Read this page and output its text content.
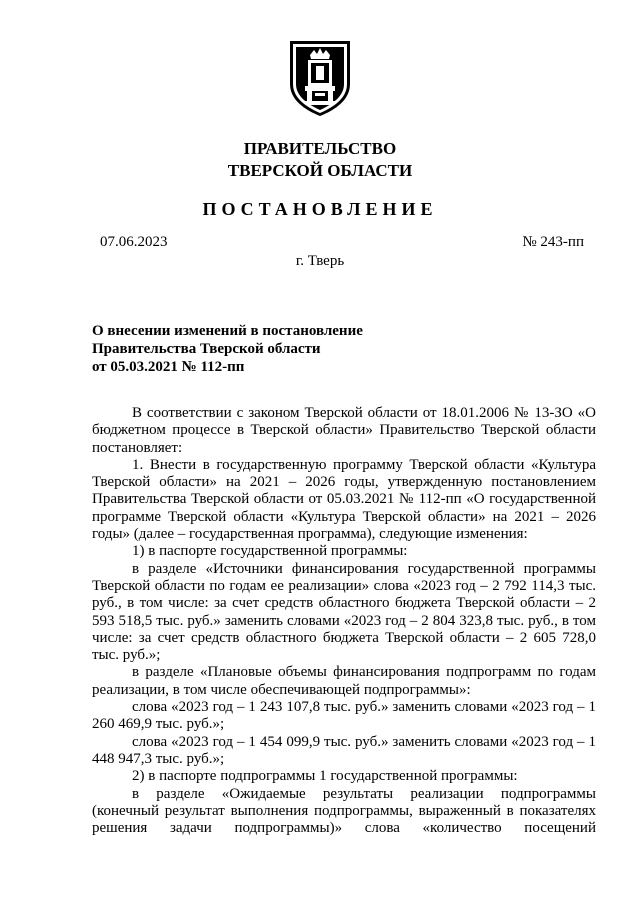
ПРАВИТЕЛЬСТВО
ТВЕРСКОЙ ОБЛАСТИ
ПОСТАНОВЛЕНИЕ
07.06.2023	№ 243-пп
г. Тверь
О внесении изменений в постановление
Правительства Тверской области
от 05.03.2021 № 112-пп

В соответствии с законом Тверской области от 18.01.2006 № 13-ЗО «О бюджетном процессе в Тверской области» Правительство Тверской области постановляет:

1. Внести в государственную программу Тверской области «Культура Тверской области» на 2021 – 2026 годы, утвержденную постановлением Правительства Тверской области от 05.03.2021 № 112-пп «О государственной программе Тверской области «Культура Тверской области» на 2021 – 2026 годы» (далее – государственная программа), следующие изменения:

1) в паспорте государственной программы:

в разделе «Источники финансирования государственной программы Тверской области по годам ее реализации» слова «2023 год – 2 792 114,3 тыс. руб., в том числе: за счет средств областного бюджета Тверской области – 2 593 518,5 тыс. руб.» заменить словами «2023 год – 2 804 323,8 тыс. руб., в том числе: за счет средств областного бюджета Тверской области – 2 605 728,0 тыс. руб.»;

в разделе «Плановые объемы финансирования подпрограмм по годам реализации, в том числе обеспечивающей подпрограммы»:

слова «2023 год – 1 243 107,8 тыс. руб.» заменить словами «2023 год – 1 260 469,9 тыс. руб.»;

слова «2023 год – 1 454 099,9 тыс. руб.» заменить словами «2023 год – 1 448 947,3 тыс. руб.»;

2) в паспорте подпрограммы 1 государственной программы:

в разделе «Ожидаемые результаты реализации подпрограммы (конечный результат выполнения подпрограммы, выраженный в показателях решения задачи подпрограммы)» слова «количество посещений
